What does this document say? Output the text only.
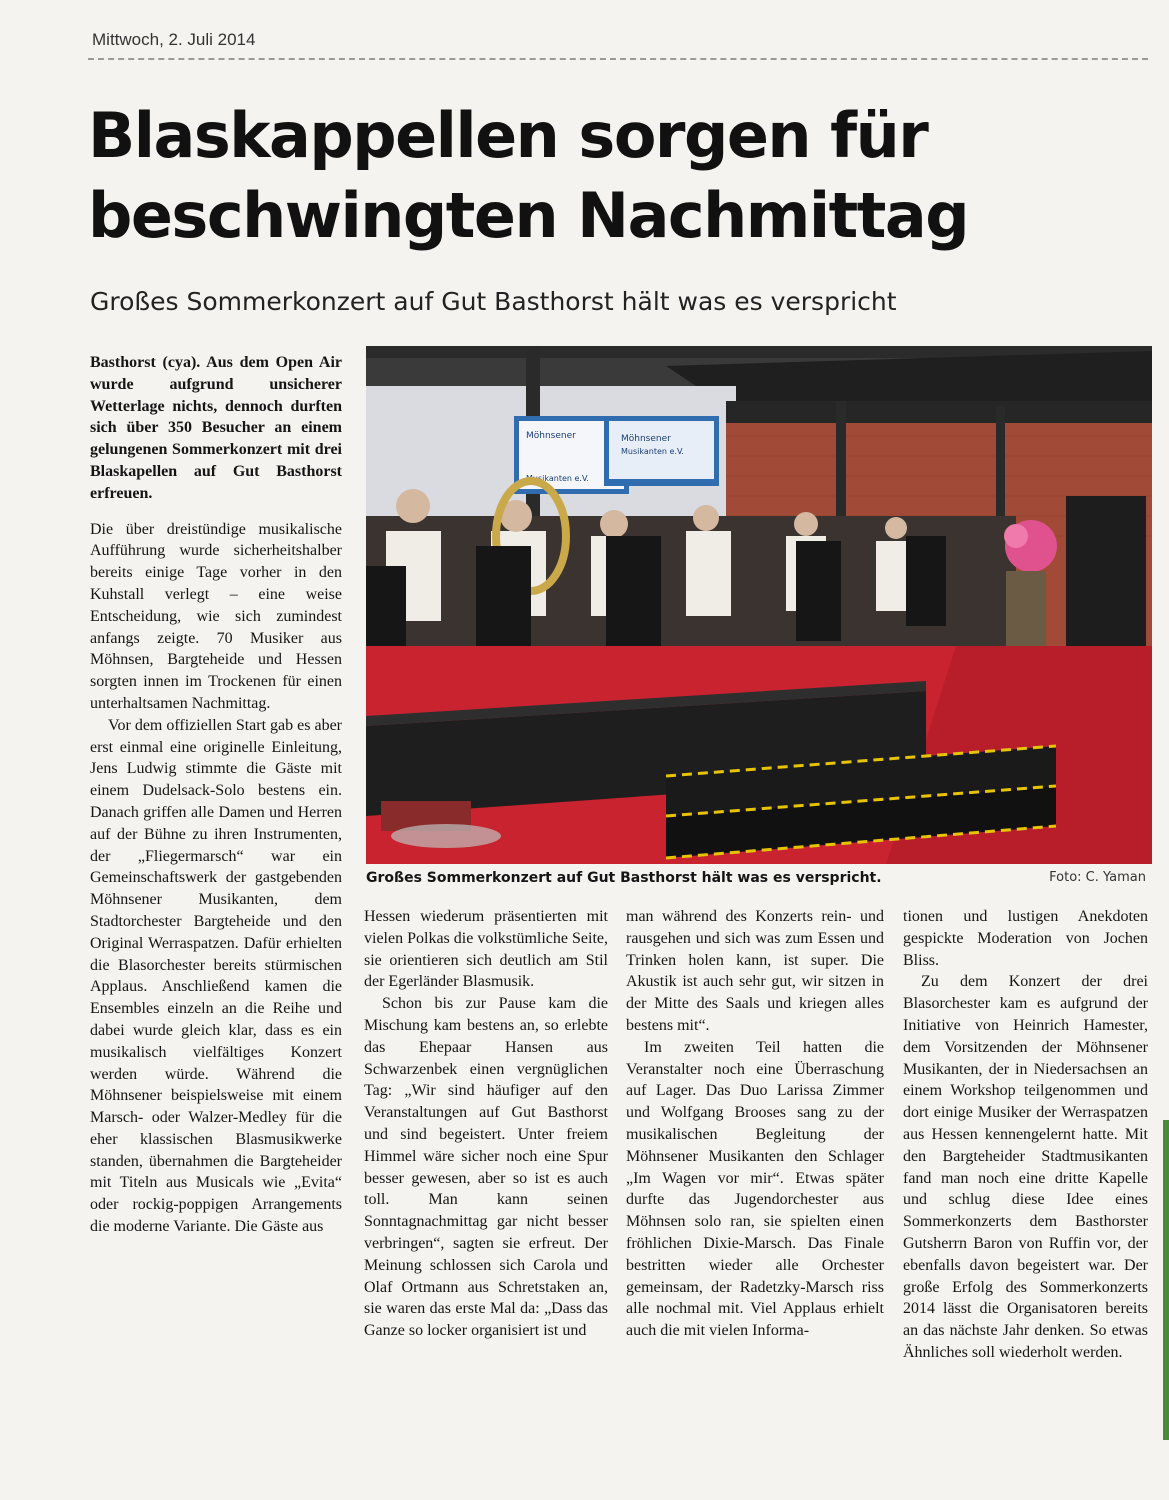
Mittwoch, 2. Juli 2014
Blaskappellen sorgen für
beschwingten Nachmittag
Großes Sommerkonzert auf Gut Basthorst hält was es verspricht

Basthorst (cya). Aus dem Open Air wurde aufgrund unsicherer Wetterlage nichts, dennoch durften sich über 350 Besucher an einem gelungenen Sommerkonzert mit drei Blaskapellen auf Gut Basthorst erfreuen.

Die über dreistündige musikalische Aufführung wurde sicherheitshalber bereits einige Tage vorher in den Kuhstall verlegt – eine weise Entscheidung, wie sich zumindest anfangs zeigte. 70 Musiker aus Möhnsen, Bargteheide und Hessen sorgten innen im Trockenen für einen unterhaltsamen Nachmittag.

Vor dem offiziellen Start gab es aber erst einmal eine originelle Einleitung, Jens Ludwig stimmte die Gäste mit einem Dudelsack-Solo bestens ein. Danach griffen alle Damen und Herren auf der Bühne zu ihren Instrumenten, der „Fliegermarsch“ war ein Gemeinschaftswerk der gastgebenden Möhnsener Musikanten, dem Stadtorchester Bargteheide und den Original Werraspatzen. Dafür erhielten die Blasorchester bereits stürmischen Applaus. Anschließend kamen die Ensembles einzeln an die Reihe und dabei wurde gleich klar, dass es ein musikalisch vielfältiges Konzert werden würde. Während die Möhnsener beispielsweise mit einem Marsch- oder Walzer-Medley für die eher klassischen Blasmusikwerke standen, übernahmen die Bargteheider mit Titeln aus Musicals wie „Evita“ oder rockig-poppigen Arrangements die moderne Variante. Die Gäste aus

Möhnsener
Musikanten e.V.
Möhnsener
Musikanten e.V.
Großes Sommerkonzert auf Gut Basthorst hält was es verspricht.	Foto: C. Yaman

Hessen wiederum präsentierten mit vielen Polkas die volkstümliche Seite, sie orientieren sich deutlich am Stil der Egerländer Blasmusik.

Schon bis zur Pause kam die Mischung kam bestens an, so erlebte das Ehepaar Hansen aus Schwarzenbek einen vergnüglichen Tag: „Wir sind häufiger auf den Veranstaltungen auf Gut Basthorst und sind begeistert. Unter freiem Himmel wäre sicher noch eine Spur besser gewesen, aber so ist es auch toll. Man kann seinen Sonntagnachmittag gar nicht besser verbringen“, sagten sie erfreut. Der Meinung schlossen sich Carola und Olaf Ortmann aus Schretstaken an, sie waren das erste Mal da: „Dass das Ganze so locker organisiert ist und

man während des Konzerts rein- und rausgehen und sich was zum Essen und Trinken holen kann, ist super. Die Akustik ist auch sehr gut, wir sitzen in der Mitte des Saals und kriegen alles bestens mit“.

Im zweiten Teil hatten die Veranstalter noch eine Überraschung auf Lager. Das Duo Larissa Zimmer und Wolfgang Brooses sang zu der musikalischen Begleitung der Möhnsener Musikanten den Schlager „Im Wagen vor mir“. Etwas später durfte das Jugendorchester aus Möhnsen solo ran, sie spielten einen fröhlichen Dixie-Marsch. Das Finale bestritten wieder alle Orchester gemeinsam, der Radetzky-Marsch riss alle nochmal mit. Viel Applaus erhielt auch die mit vielen Informa-

tionen und lustigen Anekdoten gespickte Moderation von Jochen Bliss.

Zu dem Konzert der drei Blasorchester kam es aufgrund der Initiative von Heinrich Hamester, dem Vorsitzenden der Möhnsener Musikanten, der in Niedersachsen an einem Workshop teilgenommen und dort einige Musiker der Werraspatzen aus Hessen kennengelernt hatte. Mit den Bargteheider Stadtmusikanten fand man noch eine dritte Kapelle und schlug diese Idee eines Sommerkonzerts dem Basthorster Gutsherrn Baron von Ruffin vor, der ebenfalls davon begeistert war. Der große Erfolg des Sommerkonzerts 2014 lässt die Organisatoren bereits an das nächste Jahr denken. So etwas Ähnliches soll wiederholt werden.
